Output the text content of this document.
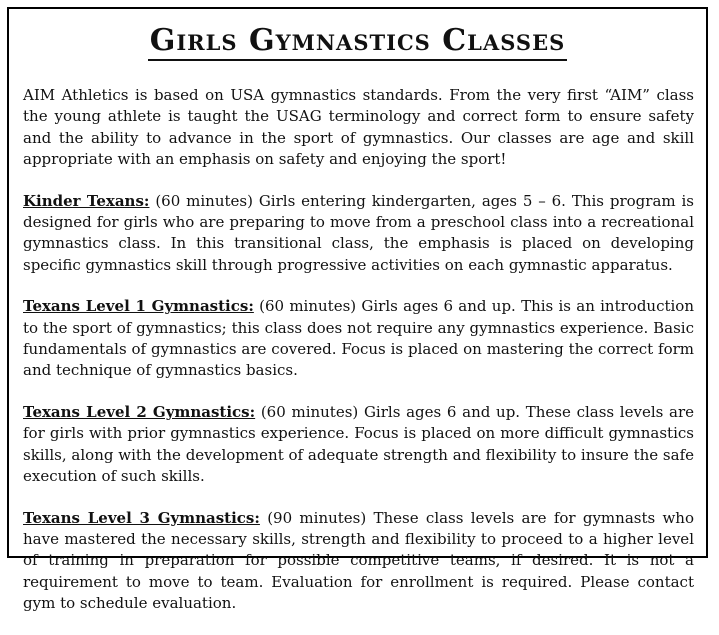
Girls Gymnastics Classes

AIM Athletics is based on USA gymnastics standards. From the very first “AIM” class the young athlete is taught the USAG terminology and correct form to ensure safety and the ability to advance in the sport of gymnastics. Our classes are age and skill appropriate with an emphasis on safety and enjoying the sport!

Kinder Texans: (60 minutes) Girls entering kindergarten, ages 5 – 6. This program is designed for girls who are preparing to move from a preschool class into a recreational gymnastics class. In this transitional class, the emphasis is placed on developing specific gymnastics skill through progressive activities on each gymnastic apparatus.

Texans Level 1 Gymnastics: (60 minutes) Girls ages 6 and up. This is an introduction to the sport of gymnastics; this class does not require any gymnastics experience. Basic fundamentals of gymnastics are covered. Focus is placed on mastering the correct form and technique of gymnastics basics.

Texans Level 2 Gymnastics: (60 minutes) Girls ages 6 and up. These class levels are for girls with prior gymnastics experience. Focus is placed on more difficult gymnastics skills, along with the development of adequate strength and flexibility to insure the safe execution of such skills.

Texans Level 3 Gymnastics: (90 minutes) These class levels are for gymnasts who have mastered the necessary skills, strength and flexibility to proceed to a higher level of training in preparation for possible competitive teams, if desired. It is not a requirement to move to team. Evaluation for enrollment is required. Please contact gym to schedule evaluation.
